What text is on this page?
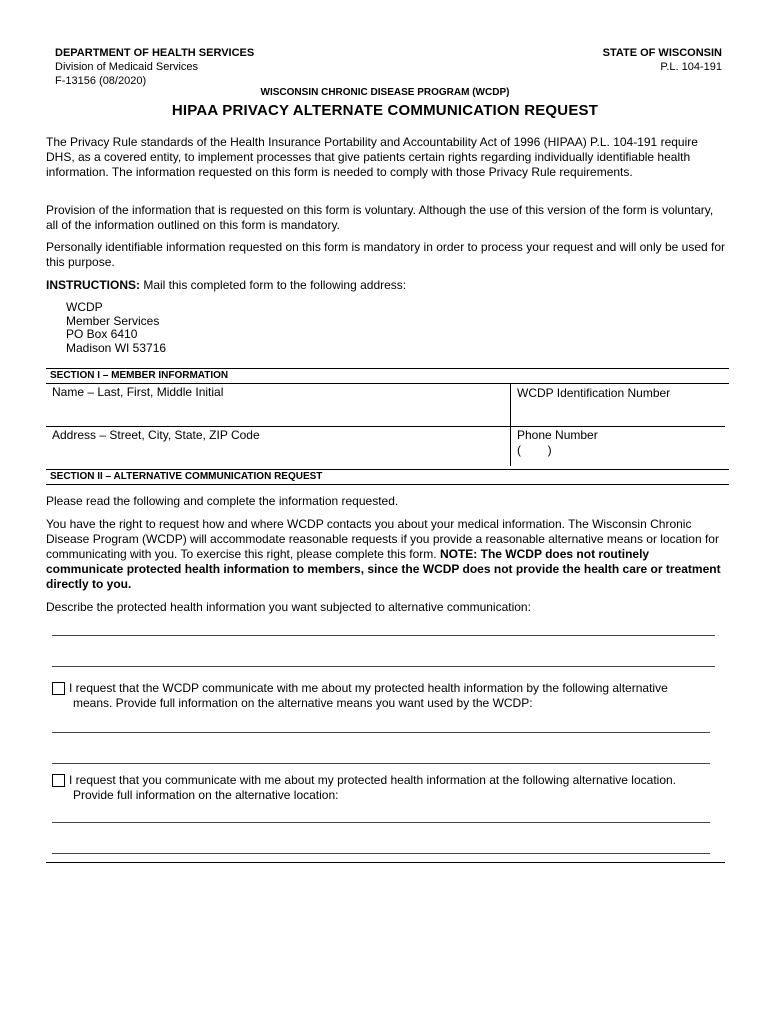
DEPARTMENT OF HEALTH SERVICES
Division of Medicaid Services
F-13156 (08/2020)
STATE OF WISCONSIN
P.L. 104-191
WISCONSIN CHRONIC DISEASE PROGRAM (WCDP)
HIPAA PRIVACY ALTERNATE COMMUNICATION REQUEST

The Privacy Rule standards of the Health Insurance Portability and Accountability Act of 1996 (HIPAA) P.L. 104-191 require DHS, as a covered entity, to implement processes that give patients certain rights regarding individually identifiable health information. The information requested on this form is needed to comply with those Privacy Rule requirements.

Provision of the information that is requested on this form is voluntary. Although the use of this version of the form is voluntary, all of the information outlined on this form is mandatory.

Personally identifiable information requested on this form is mandatory in order to process your request and will only be used for this purpose.

INSTRUCTIONS: Mail this completed form to the following address:

WCDP
Member Services
PO Box 6410
Madison WI 53716
SECTION I – MEMBER INFORMATION
Name – Last, First, Middle Initial	WCDP Identification Number
Address – Street, City, State, ZIP Code	Phone Number
(        )
SECTION II – ALTERNATIVE COMMUNICATION REQUEST

Please read the following and complete the information requested.

You have the right to request how and where WCDP contacts you about your medical information. The Wisconsin Chronic Disease Program (WCDP) will accommodate reasonable requests if you provide a reasonable alternative means or location for communicating with you. To exercise this right, please complete this form. NOTE: The WCDP does not routinely communicate protected health information to members, since the WCDP does not provide the health care or treatment directly to you.

Describe the protected health information you want subjected to alternative communication:

I request that the WCDP communicate with me about my protected health information by the following alternative
means. Provide full information on the alternative means you want used by the WCDP:
I request that you communicate with me about my protected health information at the following alternative location.
Provide full information on the alternative location:
